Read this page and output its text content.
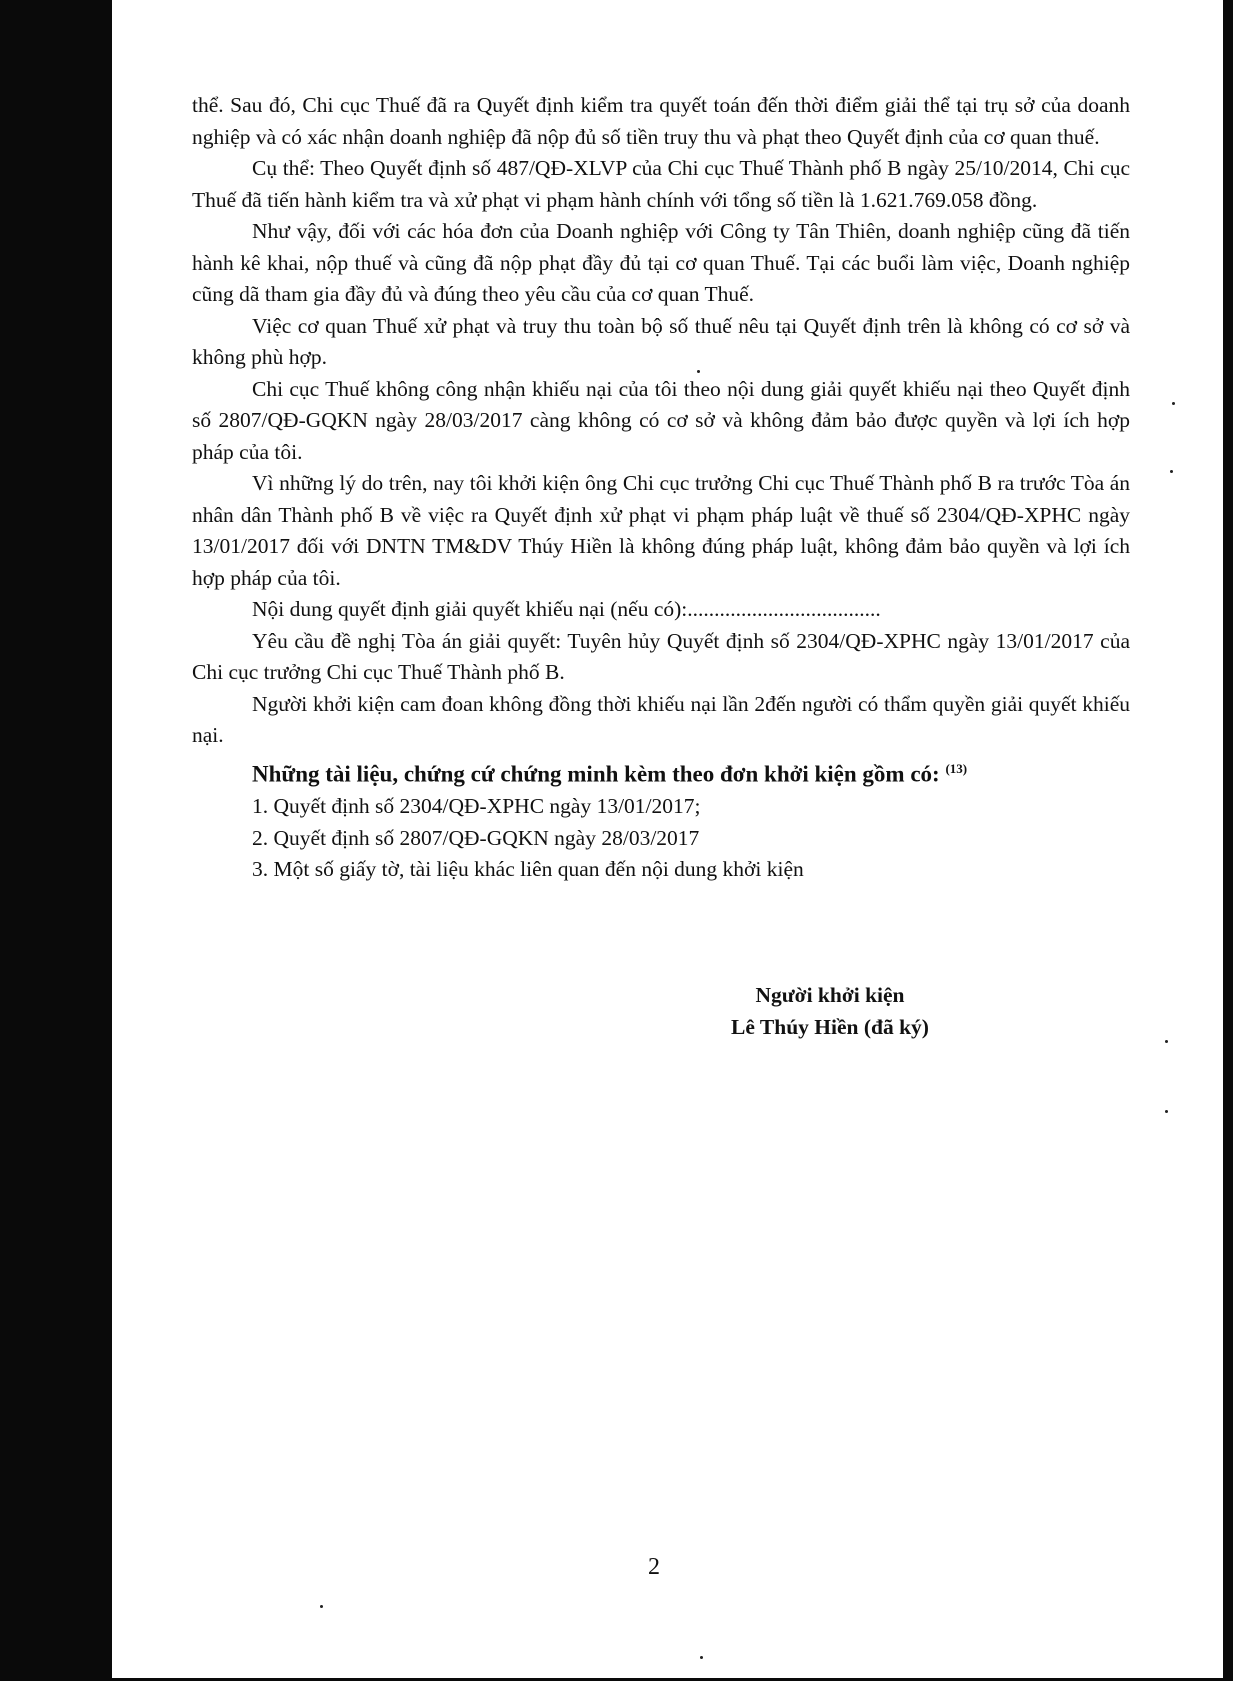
thể. Sau đó, Chi cục Thuế đã ra Quyết định kiểm tra quyết toán đến thời điểm giải thể tại trụ sở của doanh nghiệp và có xác nhận doanh nghiệp đã nộp đủ số tiền truy thu và phạt theo Quyết định của cơ quan thuế.

Cụ thể: Theo Quyết định số 487/QĐ-XLVP của Chi cục Thuế Thành phố B ngày 25/10/2014, Chi cục Thuế đã tiến hành kiểm tra và xử phạt vi phạm hành chính với tổng số tiền là 1.621.769.058 đồng.

Như vậy, đối với các hóa đơn của Doanh nghiệp với Công ty Tân Thiên, doanh nghiệp cũng đã tiến hành kê khai, nộp thuế và cũng đã nộp phạt đầy đủ tại cơ quan Thuế. Tại các buổi làm việc, Doanh nghiệp cũng dã tham gia đầy đủ và đúng theo yêu cầu của cơ quan Thuế.

Việc cơ quan Thuế xử phạt và truy thu toàn bộ số thuế nêu tại Quyết định trên là không có cơ sở và không phù hợp.

Chi cục Thuế không công nhận khiếu nại của tôi theo nội dung giải quyết khiếu nại theo Quyết định số 2807/QĐ-GQKN ngày 28/03/2017 càng không có cơ sở và không đảm bảo được quyền và lợi ích hợp pháp của tôi.

Vì những lý do trên, nay tôi khởi kiện ông Chi cục trưởng Chi cục Thuế Thành phố B ra trước Tòa án nhân dân Thành phố B về việc ra Quyết định xử phạt vi phạm pháp luật về thuế số 2304/QĐ-XPHC ngày 13/01/2017 đối với DNTN TM&DV Thúy Hiền là không đúng pháp luật, không đảm bảo quyền và lợi ích hợp pháp của tôi.

Nội dung quyết định giải quyết khiếu nại (nếu có):....................................

Yêu cầu đề nghị Tòa án giải quyết: Tuyên hủy Quyết định số 2304/QĐ-XPHC ngày 13/01/2017 của Chi cục trưởng Chi cục Thuế Thành phố B.

Người khởi kiện cam đoan không đồng thời khiếu nại lần 2đến người có thẩm quyền giải quyết khiếu nại.

Những tài liệu, chứng cứ chứng minh kèm theo đơn khởi kiện gồm có: $^{(13)}$

1. Quyết định số 2304/QĐ-XPHC ngày 13/01/2017;

2. Quyết định số 2807/QĐ-GQKN ngày 28/03/2017

3. Một số giấy tờ, tài liệu khác liên quan đến nội dung khởi kiện

Người khởi kiện
Lê Thúy Hiền (đã ký)
2
